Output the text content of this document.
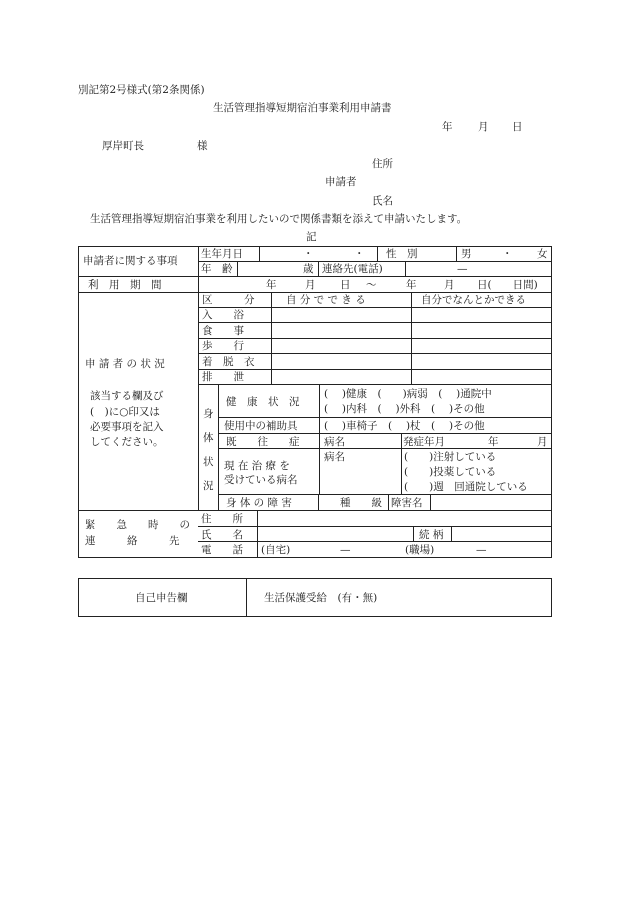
別記第2号様式(第2条関係)
生活管理指導短期宿泊事業利用申請書
年 月 日
厚岸町長	様
住所
申請者
氏名
生活管理指導短期宿泊事業を利用したいので関係書類を添えて申請いたします。
記
申請者に関する事項
生年月日	・	・ 性　別	男	・ 女
年　齢	歳 連絡先(電話)	—
利　用　期　間	年	月 日 ～	年	月 日(　　日間)
申 請 者 の 状 況
該当する欄及び
(　)に○印又は
必要事項を記入
してください。
区　　　分	自 分 で で き る	自分でなんとかできる
入　　浴
食　　事
歩　　行
着　脱　衣
排　　泄
身
体
状
況
健　康　状　況
(　 )健康　(　　)病弱　(　 )通院中
(　 )内科　(　 )外科　(　 )その他
使用中の補助具	(　 )車椅子　(　 )杖　(　 )その他
既　　往　　症 病名	発症年月	年	月
現 在 治 療 を
受けている病名
病名	(　　)注射している
(　　)投薬している
(　　)週　回通院している
身 体 の 障 害	種　　級 障害名
緊　　急　　時　　の
連　　　絡　　　先
住　　所
氏　　名	続 柄
電　　話 (自宅)	—	(職場)	—
自己申告欄	生活保護受給　(有・無)
